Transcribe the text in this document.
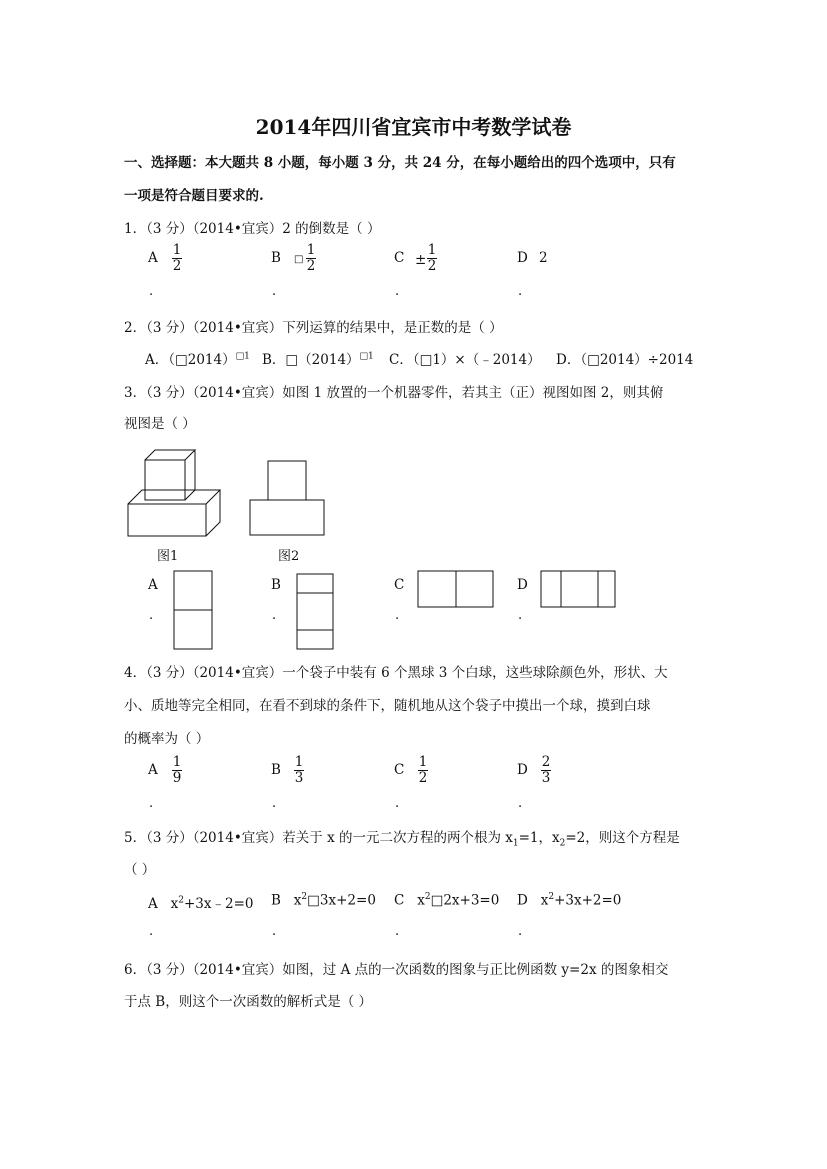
2014年四川省宜宾市中考数学试卷
一、选择题：本大题共 8 小题，每小题 3 分，共 24 分，在每小题给出的四个选项中，只有
一项是符合题目要求的.
1．（3 分）（2014•宜宾）2 的倒数是（ ）
A 1
2
.
B □
1
2
.
C ±
1
2
.
D 2
.
2．（3 分）（2014•宜宾）下列运算的结果中，是正数的是（ ）
A．（□2014）$^{□1}$ B．$□(2014)^{□1}$ C．（□1）×（﹣2014） D．（□2014）÷2014
3．（3 分）（2014•宜宾）如图 1 放置的一个机器零件，若其主（正）视图如图 2，则其俯
视图是（ ）
图1	图2
A
.
B
.
C
.
D
.
4．（3 分）（2014•宜宾）一个袋子中装有 6 个黑球 3 个白球，这些球除颜色外，形状、大
小、质地等完全相同，在看不到球的条件下，随机地从这个袋子中摸出一个球，摸到白球
的概率为（ ）
A 1
9
.
B 1
3
.
C 1
2
.
D 2
3
.
5．（3 分）（2014•宜宾）若关于 x 的一元二次方程的两个根为 $x_1=1$，$x_2=2$，则这个方程是
（ ）
A $x^2+3x﹣2=0$
.
B $x^2□3x+2=0$
.
C $x^2□2x+3=0$
.
D $x^2+3x+2=0$
.
6．（3 分）（2014•宜宾）如图，过 A 点的一次函数的图象与正比例函数 y=2x 的图象相交
于点 B，则这个一次函数的解析式是（ ）
